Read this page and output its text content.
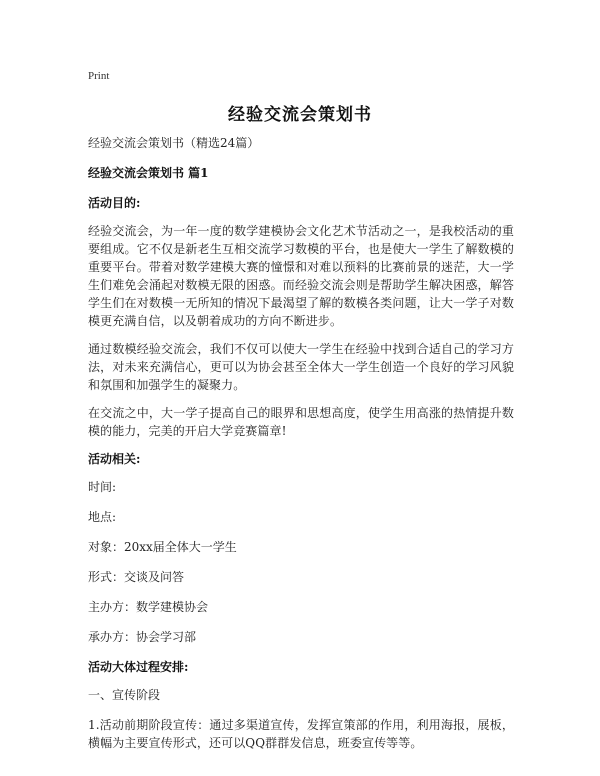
Print
经验交流会策划书

经验交流会策划书（精选24篇）

经验交流会策划书 篇1

活动目的:

经验交流会，为一年一度的数学建模协会文化艺术节活动之一，是我校活动的重要组成。它不仅是新老生互相交流学习数模的平台，也是使大一学生了解数模的重要平台。带着对数学建模大赛的憧憬和对难以预料的比赛前景的迷茫，大一学生们难免会涌起对数模无限的困惑。而经验交流会则是帮助学生解决困惑，解答学生们在对数模一无所知的情况下最渴望了解的数模各类问题，让大一学子对数模更充满自信，以及朝着成功的方向不断进步。

通过数模经验交流会，我们不仅可以使大一学生在经验中找到合适自己的学习方法，对未来充满信心，更可以为协会甚至全体大一学生创造一个良好的学习风貌和氛围和加强学生的凝聚力。

在交流之中，大一学子提高自己的眼界和思想高度，使学生用高涨的热情提升数模的能力，完美的开启大学竞赛篇章!

活动相关:

时间:

地点:

对象：20xx届全体大一学生

形式：交谈及问答

主办方：数学建模协会

承办方：协会学习部

活动大体过程安排:

一、宣传阶段

1.活动前期阶段宣传：通过多渠道宣传，发挥宣策部的作用，利用海报，展板，横幅为主要宣传形式，还可以QQ群群发信息，班委宣传等等。
